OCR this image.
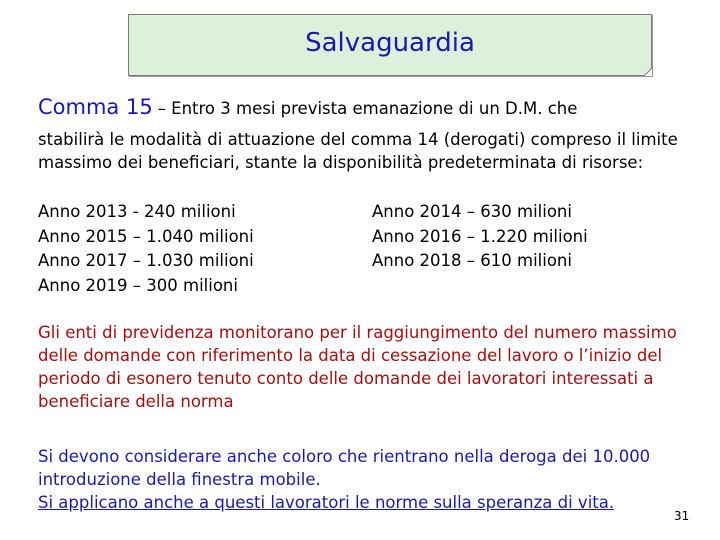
Salvaguardia
Comma 15 – Entro 3 mesi prevista emanazione di un D.M. che
stabilirà le modalità di attuazione del comma 14 (derogati) compreso il limite massimo dei beneficiari, stante la disponibilità predeterminata di risorse:
Anno 2013 - 240 milioni	Anno 2014 – 630 milioni
Anno 2015 – 1.040 milioni	Anno 2016 – 1.220 milioni
Anno 2017 – 1.030 milioni	Anno 2018 – 610 milioni
Anno 2019 – 300 milioni
Gli enti di previdenza monitorano per il raggiungimento del numero massimo delle domande con riferimento la data di cessazione del lavoro o l’inizio del periodo di esonero tenuto conto delle domande dei lavoratori interessati a beneficiare della norma
Si devono considerare anche coloro che rientrano nella deroga dei 10.000 introduzione della finestra mobile.
Si applicano anche a questi lavoratori le norme sulla speranza di vita.
31
